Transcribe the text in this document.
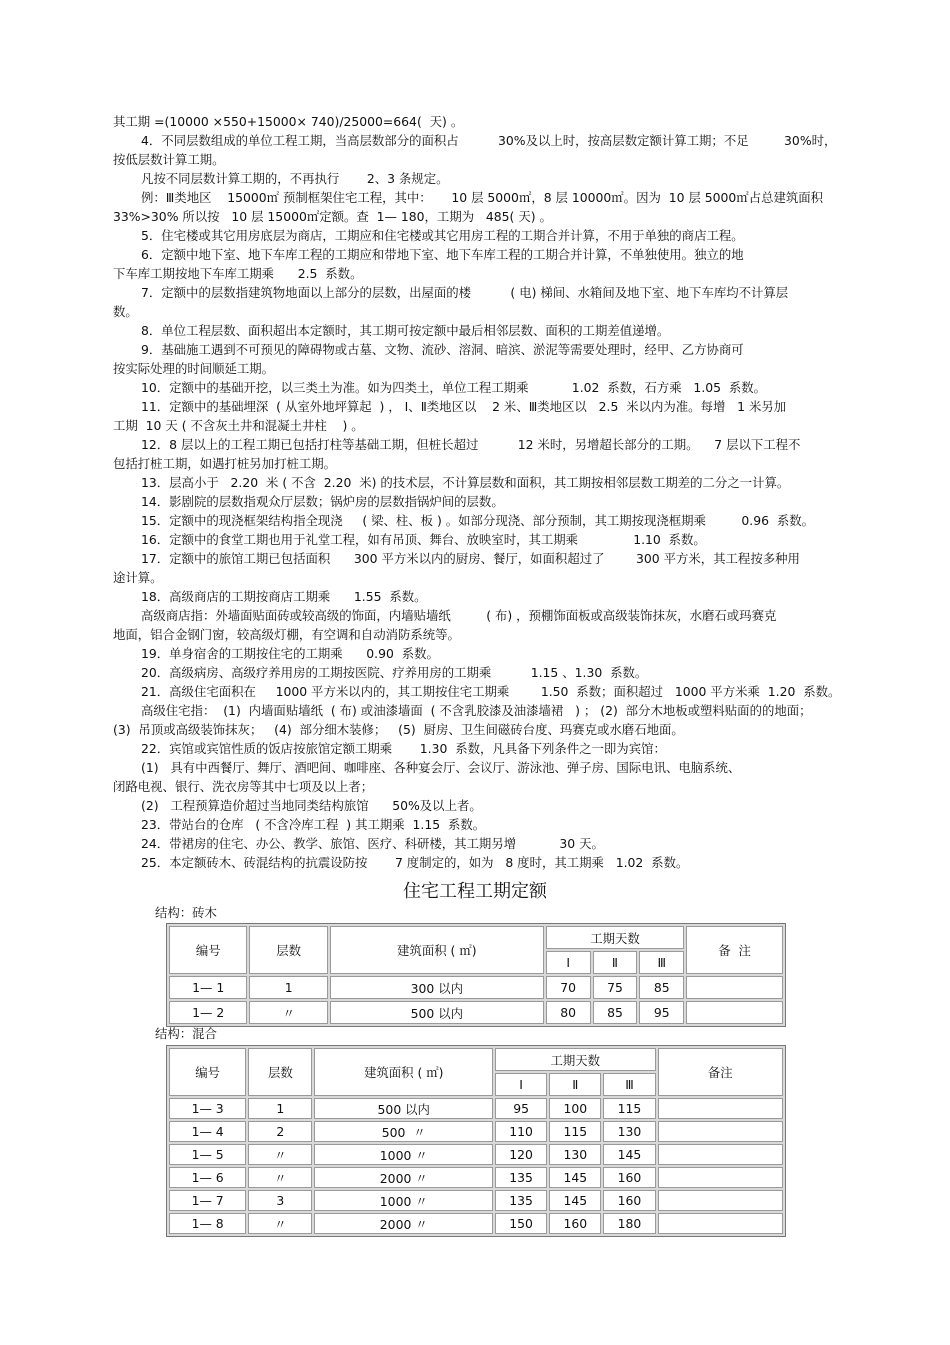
其工期 =(10000 ×550+15000× 740)/25000=664(  天) 。
4．不同层数组成的单位工程工期，当高层数部分的面积占          30%及以上时，按高层数定额计算工期；不足         30%时，
按低层数计算工期。
凡按不同层数计算工期的，不再执行       2、3 条规定。
例：Ⅲ类地区    15000㎡ 预制框架住宅工程，其中：     10 层 5000㎡，8 层 10000㎡。因为  10 层 5000㎡占总建筑面积
33%>30% 所以按   10 层 15000㎡定额。查  1— 180，工期为   485( 天) 。
5．住宅楼或其它用房底层为商店，工期应和住宅楼或其它用房工程的工期合并计算，不用于单独的商店工程。
6．定额中地下室、地下车库工程的工期应和带地下室、地下车库工程的工期合并计算，不单独使用。独立的地
下车库工期按地下车库工期乘      2.5  系数。
7．定额中的层数指建筑物地面以上部分的层数，出屋面的楼          ( 电) 梯间、水箱间及地下室、地下车库均不计算层
数。
8．单位工程层数、面积超出本定额时，其工期可按定额中最后相邻层数、面积的工期差值递增。
9．基础施工遇到不可预见的障碍物或古墓、文物、流砂、溶洞、暗滨、淤泥等需要处理时，经甲、乙方协商可
按实际处理的时间顺延工期。
10．定额中的基础开挖，以三类土为准。如为四类土，单位工程工期乘           1.02  系数，石方乘   1.05  系数。
11．定额中的基础埋深  ( 从室外地坪算起  ) ， Ⅰ、Ⅱ类地区以    2 米、Ⅲ类地区以   2.5  米以内为准。每增   1 米另加
工期  10 天 ( 不含灰土井和混凝土井柱    ) 。
12．8 层以上的工程工期已包括打柱等基础工期，但桩长超过          12 米时，另增超长部分的工期。    7 层以下工程不
包括打桩工期，如遇打桩另加打桩工期。
13．层高小于   2.20  米 ( 不含  2.20  米) 的技术层，不计算层数和面积，其工期按相邻层数工期差的二分之一计算。
14．影剧院的层数指观众厅层数；锅炉房的层数指锅炉间的层数。
15．定额中的现浇框架结构指全现浇     ( 梁、柱、板 ) 。如部分现浇、部分预制，其工期按现浇框期乘         0.96  系数。
16．定额中的食堂工期也用于礼堂工程，如有吊顶、舞台、放映室时，其工期乘              1.10  系数。
17．定额中的旅馆工期已包括面积      300 平方米以内的厨房、餐厅，如面积超过了        300 平方米，其工程按多种用
途计算。
18．高级商店的工期按商店工期乘      1.55  系数。
高级商店指：外墙面贴面砖或较高级的饰面，内墙贴墙纸         ( 布) ，预棚饰面板或高级装饰抹灰，水磨石或玛赛克
地面，铝合金钢门窗，较高级灯棚，有空调和自动消防系统等。
19．单身宿舍的工期按住宅的工期乘      0.90  系数。
20．高级病房、高级疗养用房的工期按医院、疗养用房的工期乘          1.15 、1.30  系数。
21．高级住宅面积在     1000 平方米以内的，其工期按住宅工期乘        1.50  系数；面积超过   1000 平方米乘  1.20  系数。
高级住宅指：  (1)  内墙面贴墙纸  ( 布) 或油漆墙面  ( 不含乳胶漆及油漆墙裙   ) ； (2)  部分木地板或塑料贴面的的地面；
(3)  吊顶或高级装饰抹灰；   (4)  部分细木装修；   (5)  厨房、卫生间磁砖台度、玛赛克或水磨石地面。
22．宾馆或宾馆性质的饭店按旅馆定额工期乘       1.30  系数，凡具备下列条件之一即为宾馆：
(1)   具有中西餐厅、舞厅、酒吧间、咖啡座、各种宴会厅、会议厅、游泳池、弹子房、国际电讯、电脑系统、
闭路电视、银行、洗衣房等其中七项及以上者；
(2)   工程预算造价超过当地同类结构旅馆      50%及以上者。
23．带站台的仓库   ( 不含冷库工程  ) 其工期乘  1.15  系数。
24．带裙房的住宅、办公、教学、旅馆、医疗、科研楼，其工期另增           30 天。
25．本定额砖木、砖混结构的抗震设防按       7 度制定的，如为   8 度时，其工期乘   1.02  系数。
住宅工程工期定额
结构：砖木
编号	层数	建筑面积 ( ㎡)	工期天数			备  注
			Ⅰ	Ⅱ	Ⅲ	
1— 1	1	300 以内	70	75	85	
1— 2	〃	500 以内	80	85	95	
结构：混合
编号	层数	建筑面积 ( ㎡)	工期天数			备注
			Ⅰ	Ⅱ	Ⅲ	
1— 3	1	500 以内	95	100	115	
1— 4	2	500  〃	110	115	130	
1— 5	〃	1000 〃	120	130	145	
1— 6	〃	2000 〃	135	145	160	
1— 7	3	1000 〃	135	145	160	
1— 8	〃	2000 〃	150	160	180	
